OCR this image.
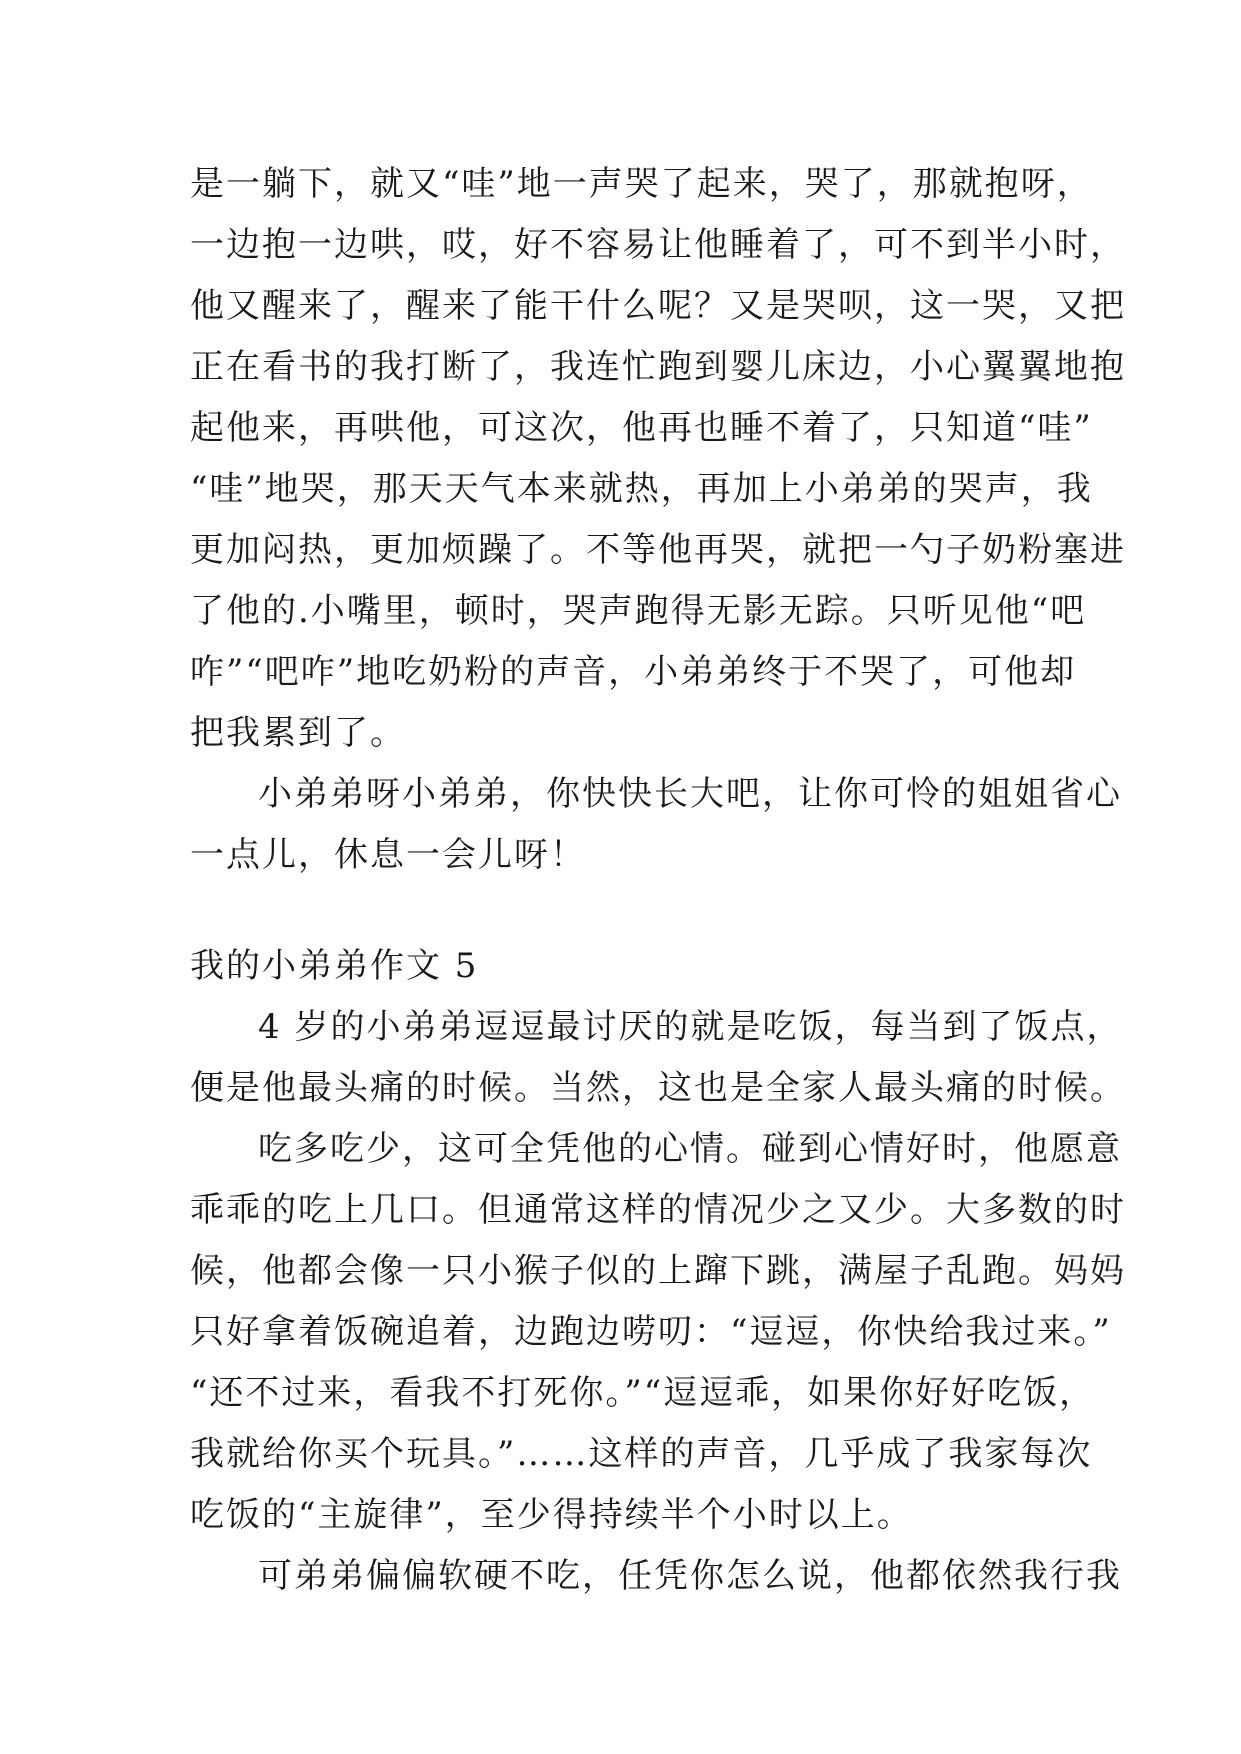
是一躺下，就又“哇”地一声哭了起来，哭了，那就抱呀，
一边抱一边哄，哎，好不容易让他睡着了，可不到半小时，
他又醒来了，醒来了能干什么呢？又是哭呗，这一哭，又把
正在看书的我打断了，我连忙跑到婴儿床边，小心翼翼地抱
起他来，再哄他，可这次，他再也睡不着了，只知道“哇”
“哇”地哭，那天天气本来就热，再加上小弟弟的哭声，我
更加闷热，更加烦躁了。不等他再哭，就把一勺子奶粉塞进
了他的.小嘴里，顿时，哭声跑得无影无踪。只听见他“吧
咋”“吧咋”地吃奶粉的声音，小弟弟终于不哭了，可他却
把我累到了。
小弟弟呀小弟弟，你快快长大吧，让你可怜的姐姐省心
一点儿，休息一会儿呀！
我的小弟弟作文 5
4 岁的小弟弟逗逗最讨厌的就是吃饭，每当到了饭点，
便是他最头痛的时候。当然，这也是全家人最头痛的时候。
吃多吃少，这可全凭他的心情。碰到心情好时，他愿意
乖乖的吃上几口。但通常这样的情况少之又少。大多数的时
候，他都会像一只小猴子似的上蹿下跳，满屋子乱跑。妈妈
只好拿着饭碗追着，边跑边唠叨：“逗逗，你快给我过来。”
“还不过来，看我不打死你。”“逗逗乖，如果你好好吃饭，
我就给你买个玩具。”……这样的声音，几乎成了我家每次
吃饭的“主旋律”，至少得持续半个小时以上。
可弟弟偏偏软硬不吃，任凭你怎么说，他都依然我行我
